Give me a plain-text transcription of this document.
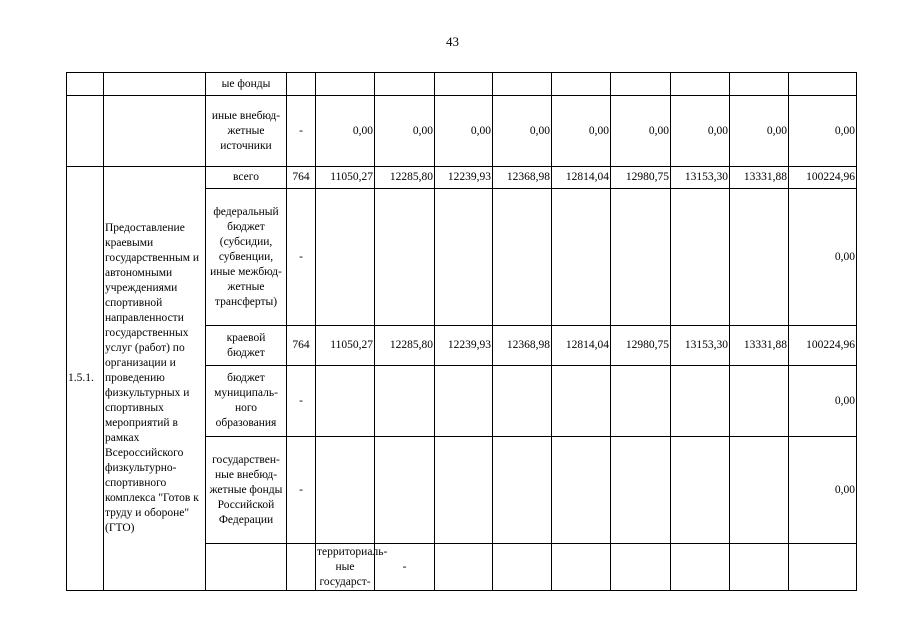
43
		ые фонды											
		иные внебюд-жетные источники	-	0,00	0,00	0,00	0,00	0,00	0,00	0,00	0,00	0,00	
1.5.1.	Предоставление краевыми государственным и автономными учреждениями спортивной направленности государственных услуг (работ) по организации и проведению физкультурных и спортивных мероприятий в рамках Всероссийского физкультурно-спортивного комплекса "Готов к труду и обороне" (ГТО)	всего	764	11050,27	12285,80	12239,93	12368,98	12814,04	12980,75	13153,30	13331,88	100224,96	
		федеральный бюджет (субсидии, субвенции, иные межбюд-жетные трансферты)	-									0,00	
		краевой бюджет	764	11050,27	12285,80	12239,93	12368,98	12814,04	12980,75	13153,30	13331,88	100224,96	
		бюджет муниципаль-ного образования	-									0,00	
		государствен-ные внебюд-жетные фонды Российской Федерации	-									0,00	
				территориаль-ные государст-	-									
